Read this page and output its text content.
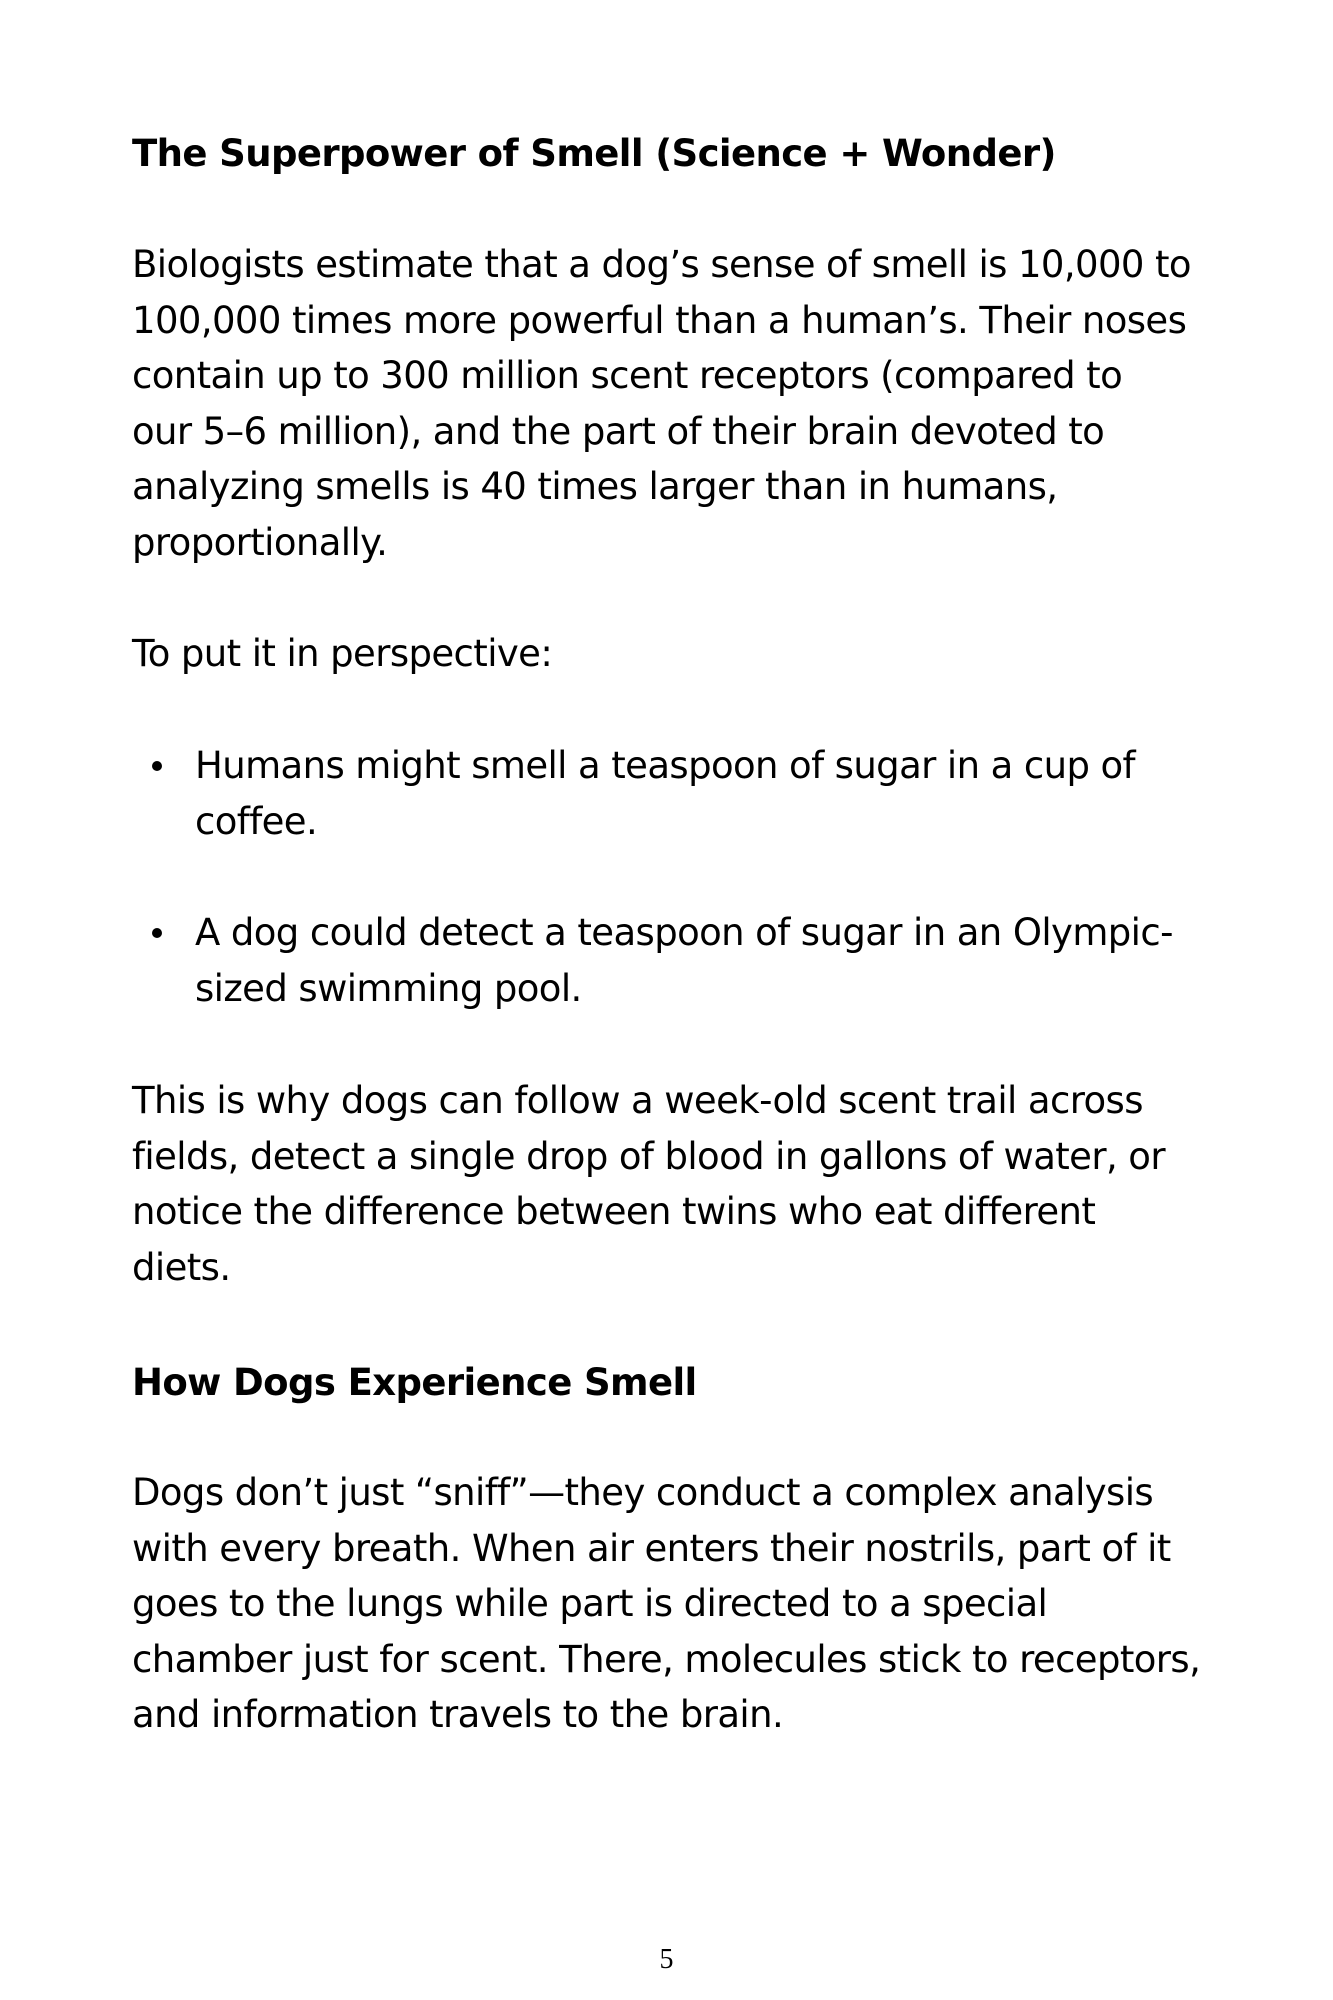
The Superpower of Smell (Science + Wonder)
Biologists estimate that a dog’s sense of smell is 10,000 to
100,000 times more powerful than a human’s. Their noses
contain up to 300 million scent receptors (compared to
our 5–6 million), and the part of their brain devoted to
analyzing smells is 40 times larger than in humans,
proportionally.
To put it in perspective:
Humans might smell a teaspoon of sugar in a cup of
coffee.
A dog could detect a teaspoon of sugar in an Olympic-
sized swimming pool.
This is why dogs can follow a week-old scent trail across
fields, detect a single drop of blood in gallons of water, or
notice the difference between twins who eat different
diets.
How Dogs Experience Smell
Dogs don’t just “sniff”—they conduct a complex analysis
with every breath. When air enters their nostrils, part of it
goes to the lungs while part is directed to a special
chamber just for scent. There, molecules stick to receptors,
and information travels to the brain.
5
